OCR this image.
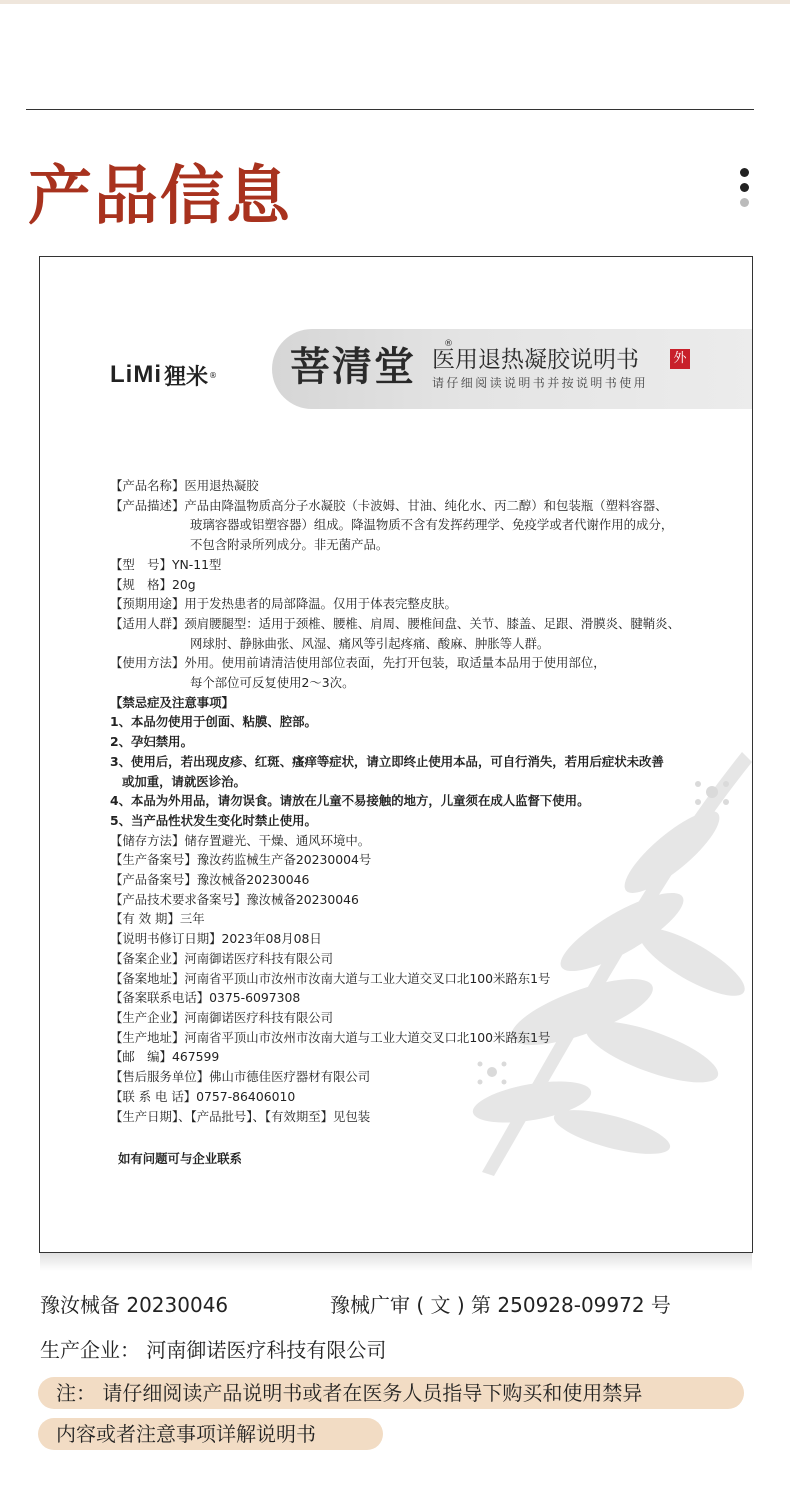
产品信息
LiMi 狸米 ® 菩清堂	®
医用退热凝胶说明书
请仔细阅读说明书并按说明书使用
外
【产品名称】医用退热凝胶
【产品描述】产品由降温物质高分子水凝胶（卡波姆、甘油、纯化水、丙二醇）和包装瓶（塑料容器、
玻璃容器或铝塑容器）组成。降温物质不含有发挥药理学、免疫学或者代谢作用的成分，
不包含附录所列成分。非无菌产品。
【型　号】YN-11型
【规　格】20g
【预期用途】用于发热患者的局部降温。仅用于体表完整皮肤。
【适用人群】颈肩腰腿型：适用于颈椎、腰椎、肩周、腰椎间盘、关节、膝盖、足跟、滑膜炎、腱鞘炎、
网球肘、静脉曲张、风湿、痛风等引起疼痛、酸麻、肿胀等人群。
【使用方法】外用。使用前请清洁使用部位表面，先打开包装，取适量本品用于使用部位，
每个部位可反复使用2～3次。
【禁忌症及注意事项】
1、本品勿使用于创面、粘膜、腔部。
2、孕妇禁用。
3、使用后，若出现皮疹、红斑、瘙痒等症状，请立即终止使用本品，可自行消失，若用后症状未改善
或加重，请就医诊治。
4、本品为外用品，请勿误食。请放在儿童不易接触的地方，儿童须在成人监督下使用。
5、当产品性状发生变化时禁止使用。
【储存方法】储存置避光、干燥、通风环境中。
【生产备案号】豫汝药监械生产备20230004号
【产品备案号】豫汝械备20230046
【产品技术要求备案号】豫汝械备20230046
【有 效 期】三年
【说明书修订日期】2023年08月08日
【备案企业】河南御诺医疗科技有限公司
【备案地址】河南省平顶山市汝州市汝南大道与工业大道交叉口北100米路东1号
【备案联系电话】0375-6097308
【生产企业】河南御诺医疗科技有限公司
【生产地址】河南省平顶山市汝州市汝南大道与工业大道交叉口北100米路东1号
【邮　编】467599
【售后服务单位】佛山市德佳医疗器材有限公司
【联 系 电 话】0757-86406010
【生产日期】、【产品批号】、【有效期至】见包装
如有问题可与企业联系
豫汝械备 20230046	豫械广审 ( 文 ) 第 250928-09972 号
生产企业： 河南御诺医疗科技有限公司
注： 请仔细阅读产品说明书或者在医务人员指导下购买和使用禁异
内容或者注意事项详解说明书
